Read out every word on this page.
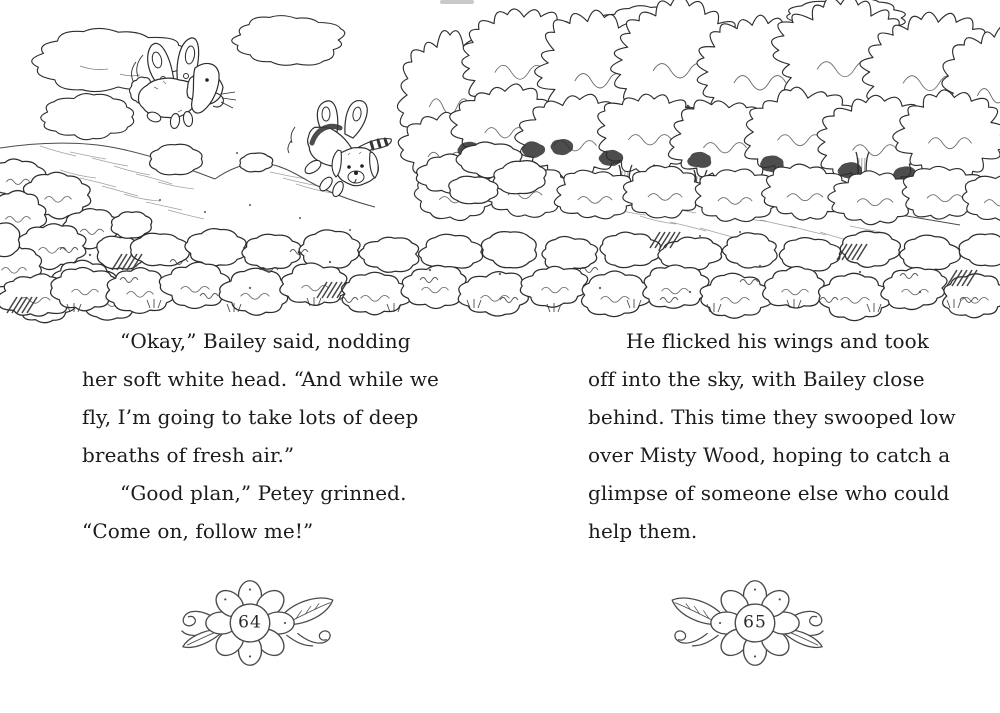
“Okay,” Bailey said, nodding
her soft white head. “And while we
fly, I’m going to take lots of deep
breaths of fresh air.”

“Good plan,” Petey grinned.
“Come on, follow me!”

64

He flicked his wings and took
off into the sky, with Bailey close
behind. This time they swooped low
over Misty Wood, hoping to catch a
glimpse of someone else who could
help them.

65
